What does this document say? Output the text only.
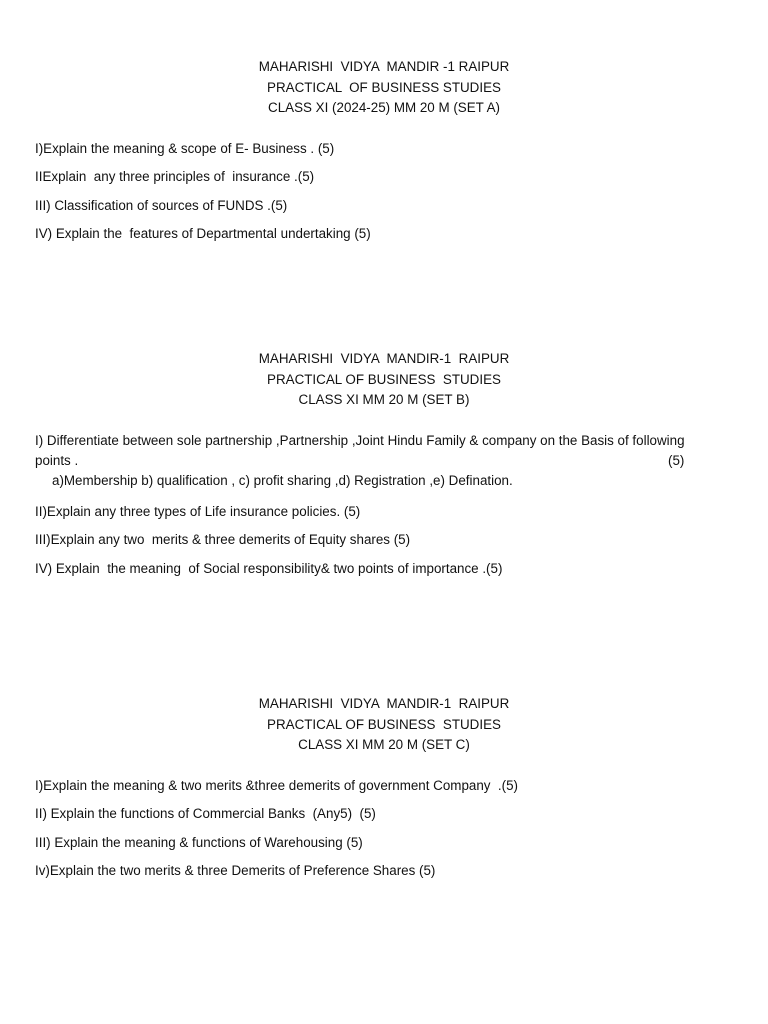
MAHARISHI  VIDYA  MANDIR -1 RAIPUR
PRACTICAL  OF BUSINESS STUDIES
CLASS XI (2024-25) MM 20 M (SET A)
I)Explain the meaning & scope of E- Business . (5)
IIExplain  any three principles of  insurance .(5)
III) Classification of sources of FUNDS .(5)
IV) Explain the  features of Departmental undertaking (5)
MAHARISHI  VIDYA  MANDIR-1  RAIPUR
PRACTICAL OF BUSINESS  STUDIES
CLASS XI MM 20 M (SET B)
I) Differentiate between sole partnership ,Partnership ,Joint Hindu Family & company on the Basis of following
points .	(5)
a)Membership b) qualification , c) profit sharing ,d) Registration ,e) Defination.
II)Explain any three types of Life insurance policies. (5)
III)Explain any two  merits & three demerits of Equity shares (5)
IV) Explain  the meaning  of Social responsibility& two points of importance .(5)
MAHARISHI  VIDYA  MANDIR-1  RAIPUR
PRACTICAL OF BUSINESS  STUDIES
CLASS XI MM 20 M (SET C)
I)Explain the meaning & two merits &three demerits of government Company  .(5)
II) Explain the functions of Commercial Banks  (Any5)  (5)
III) Explain the meaning & functions of Warehousing (5)
Iv)Explain the two merits & three Demerits of Preference Shares (5)
